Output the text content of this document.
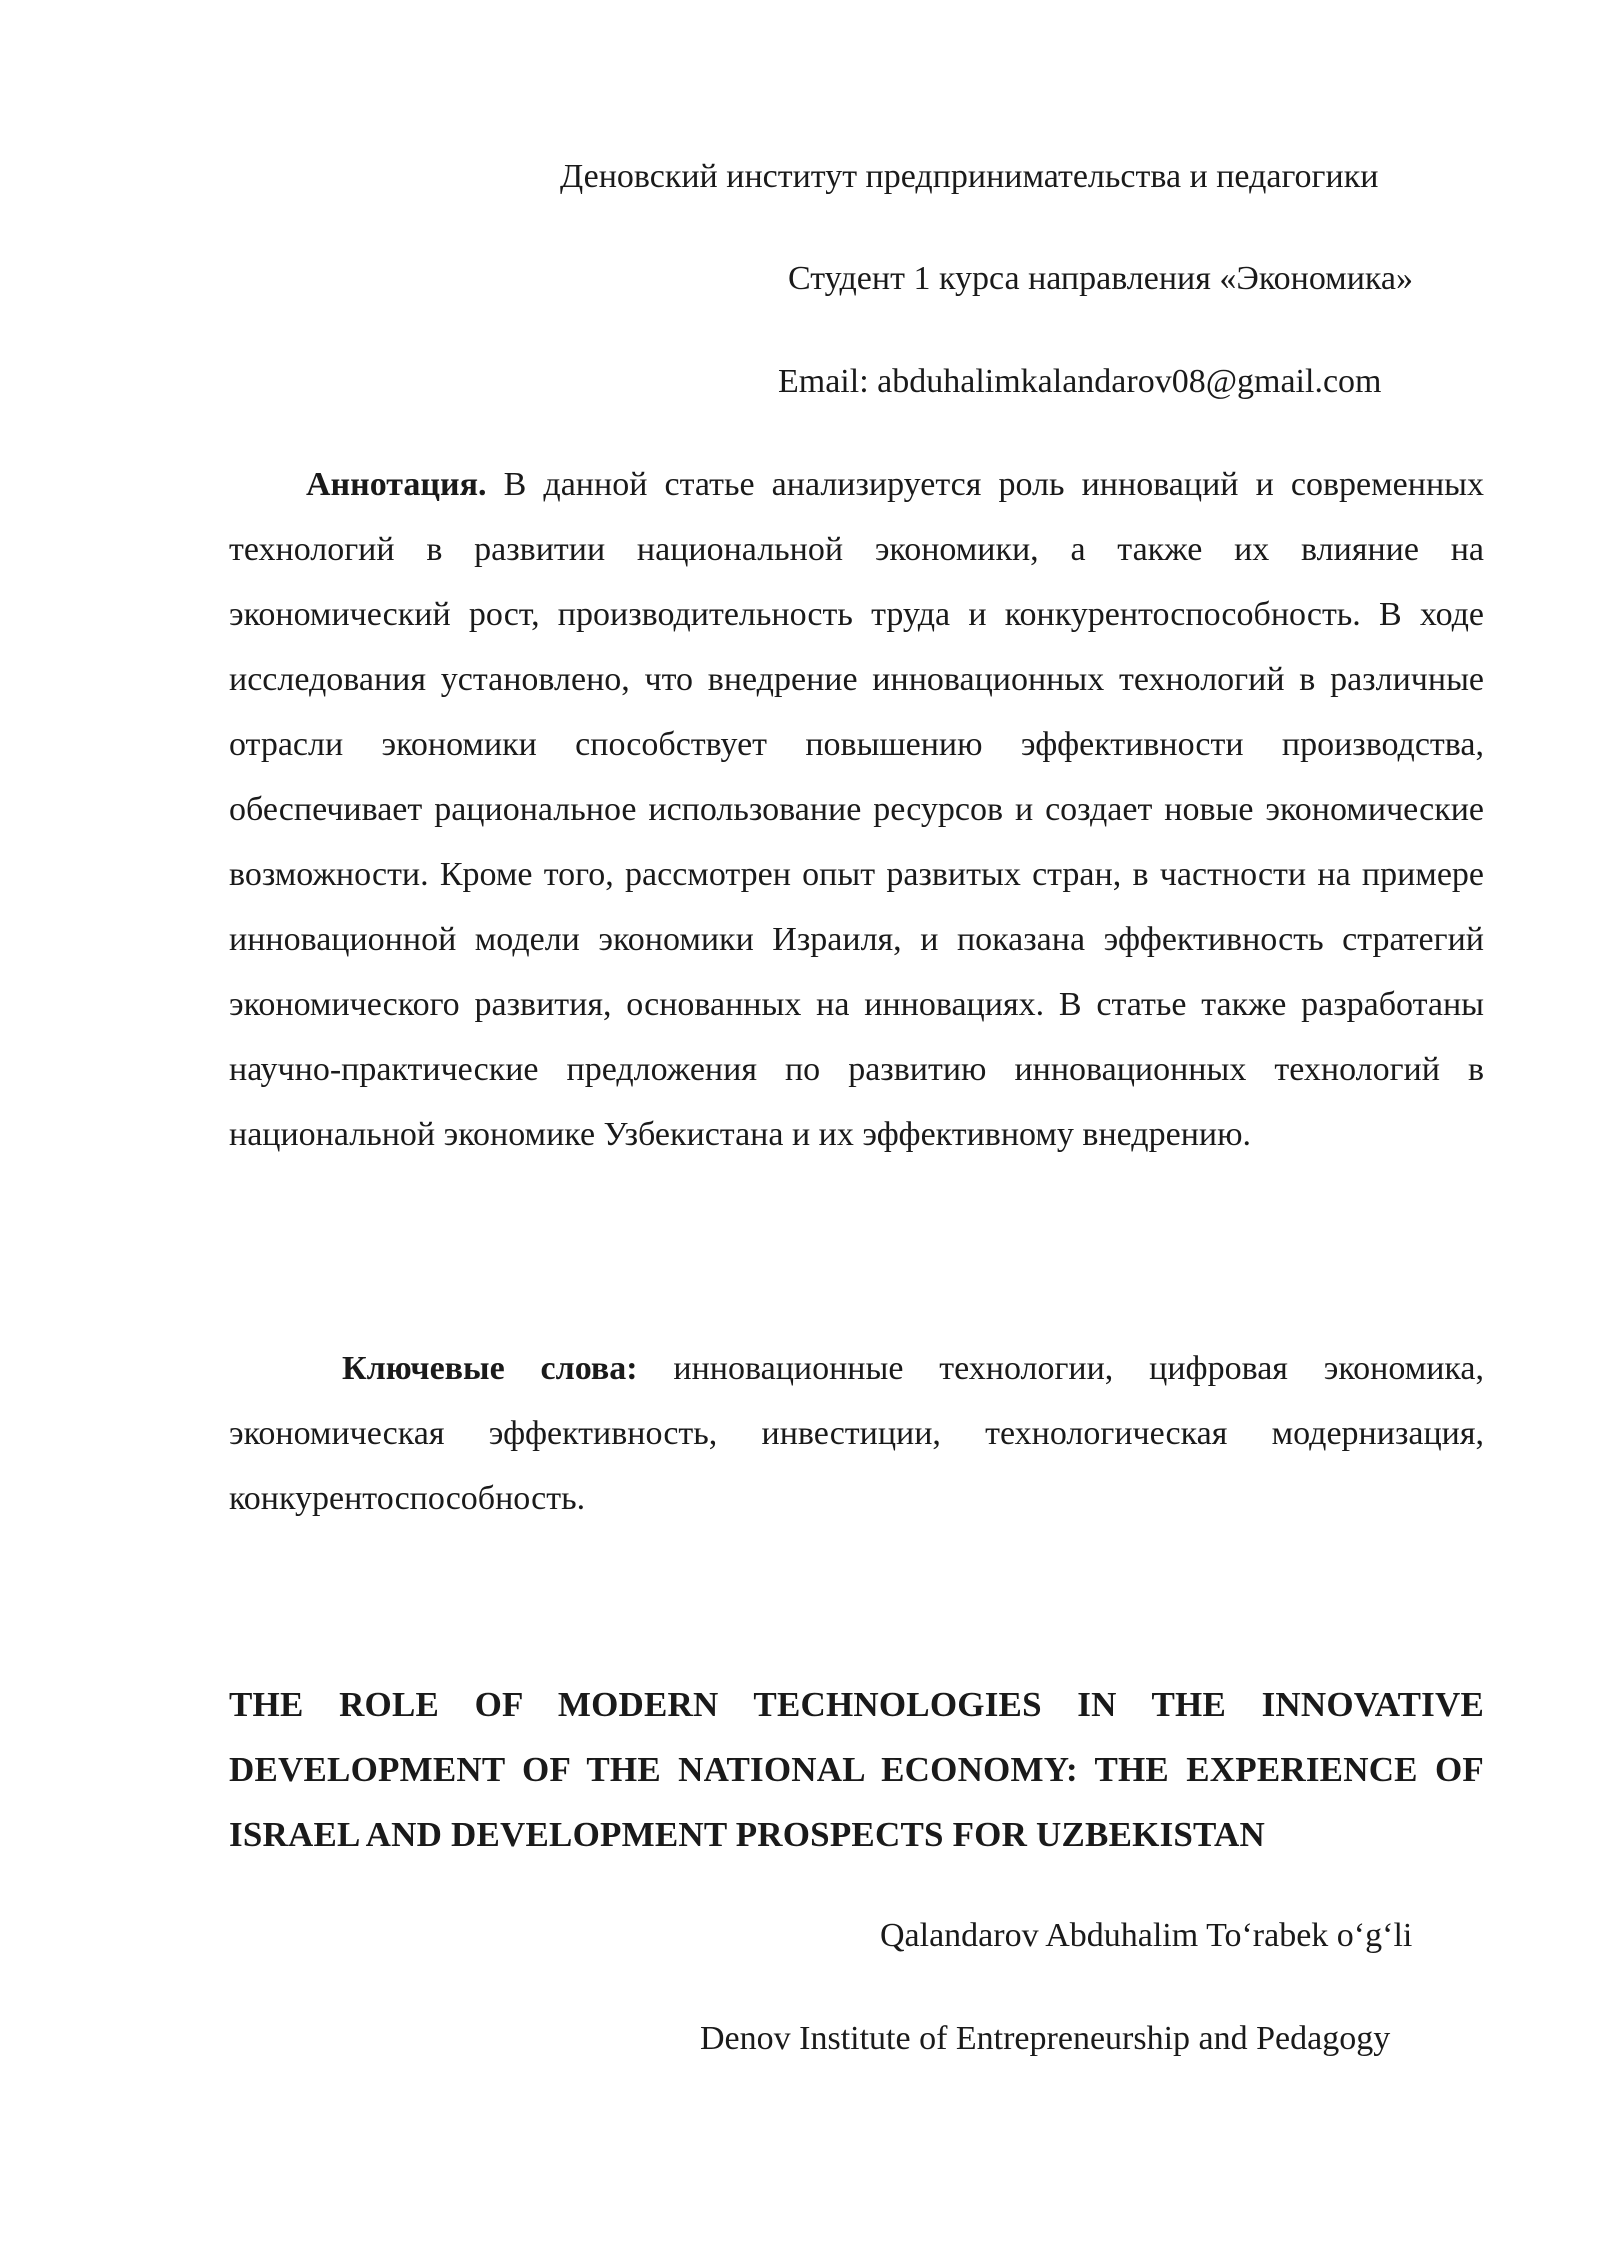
Деновский институт предпринимательства и педагогики
Студент 1 курса направления «Экономика»
Email: abduhalimkalandarov08@gmail.com

Аннотация. В данной статье анализируется роль инноваций и современных технологий в развитии национальной экономики, а также их влияние на экономический рост, производительность труда и конкурентоспособность. В ходе исследования установлено, что внедрение инновационных технологий в различные отрасли экономики способствует повышению эффективности производства, обеспечивает рациональное использование ресурсов и создает новые экономические возможности. Кроме того, рассмотрен опыт развитых стран, в частности на примере инновационной модели экономики Израиля, и показана эффективность стратегий экономического развития, основанных на инновациях. В статье также разработаны научно-практические предложения по развитию инновационных технологий в национальной экономике Узбекистана и их эффективному внедрению.

Ключевые слова: инновационные технологии, цифровая экономика, экономическая эффективность, инвестиции, технологическая модернизация, конкурентоспособность.

THE ROLE OF MODERN TECHNOLOGIES IN THE INNOVATIVE DEVELOPMENT OF THE NATIONAL ECONOMY: THE EXPERIENCE OF ISRAEL AND DEVELOPMENT PROSPECTS FOR UZBEKISTAN

Qalandarov Abduhalim To‘rabek o‘g‘li
Denov Institute of Entrepreneurship and Pedagogy
